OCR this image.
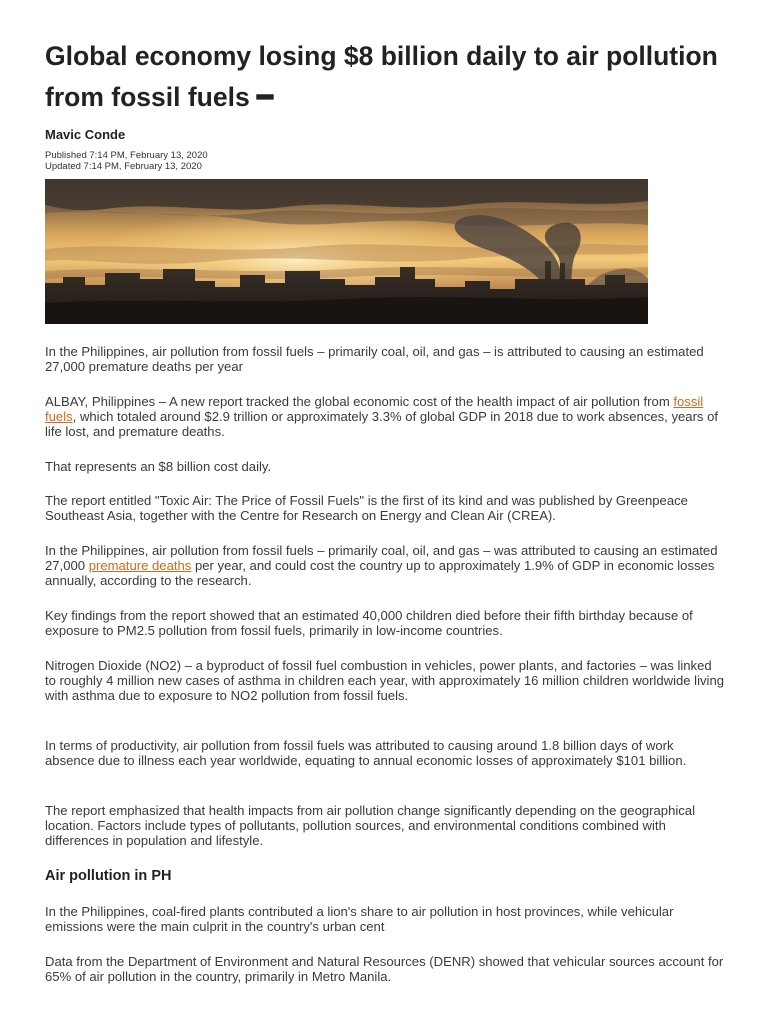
Global economy losing $8 billion daily to air pollution from fossil fuels ━
Mavic Conde
Published 7:14 PM, February 13, 2020
Updated 7:14 PM, February 13, 2020

In the Philippines, air pollution from fossil fuels – primarily coal, oil, and gas – is attributed to causing an estimated 27,000 premature deaths per year

ALBAY, Philippines – A new report tracked the global economic cost of the health impact of air pollution from fossil fuels, which totaled around $2.9 trillion or approximately 3.3% of global GDP in 2018 due to work absences, years of life lost, and premature deaths.

That represents an $8 billion cost daily.

The report entitled "Toxic Air: The Price of Fossil Fuels" is the first of its kind and was published by Greenpeace Southeast Asia, together with the Centre for Research on Energy and Clean Air (CREA).

In the Philippines, air pollution from fossil fuels – primarily coal, oil, and gas – was attributed to causing an estimated 27,000 premature deaths per year, and could cost the country up to approximately 1.9% of GDP in economic losses annually, according to the research.

Key findings from the report showed that an estimated 40,000 children died before their fifth birthday because of exposure to PM2.5 pollution from fossil fuels, primarily in low-income countries.

Nitrogen Dioxide (NO2) – a byproduct of fossil fuel combustion in vehicles, power plants, and factories – was linked to roughly 4 million new cases of asthma in children each year, with approximately 16 million children worldwide living with asthma due to exposure to NO2 pollution from fossil fuels.

In terms of productivity, air pollution from fossil fuels was attributed to causing around 1.8 billion days of work absence due to illness each year worldwide, equating to annual economic losses of approximately $101 billion.

The report emphasized that health impacts from air pollution change significantly depending on the geographical location. Factors include types of pollutants, pollution sources, and environmental conditions combined with differences in population and lifestyle.

Air pollution in PH

In the Philippines, coal-fired plants contributed a lion's share to air pollution in host provinces, while vehicular emissions were the main culprit in the country's urban cent

Data from the Department of Environment and Natural Resources (DENR) showed that vehicular sources account for 65% of air pollution in the country, primarily in Metro Manila.
